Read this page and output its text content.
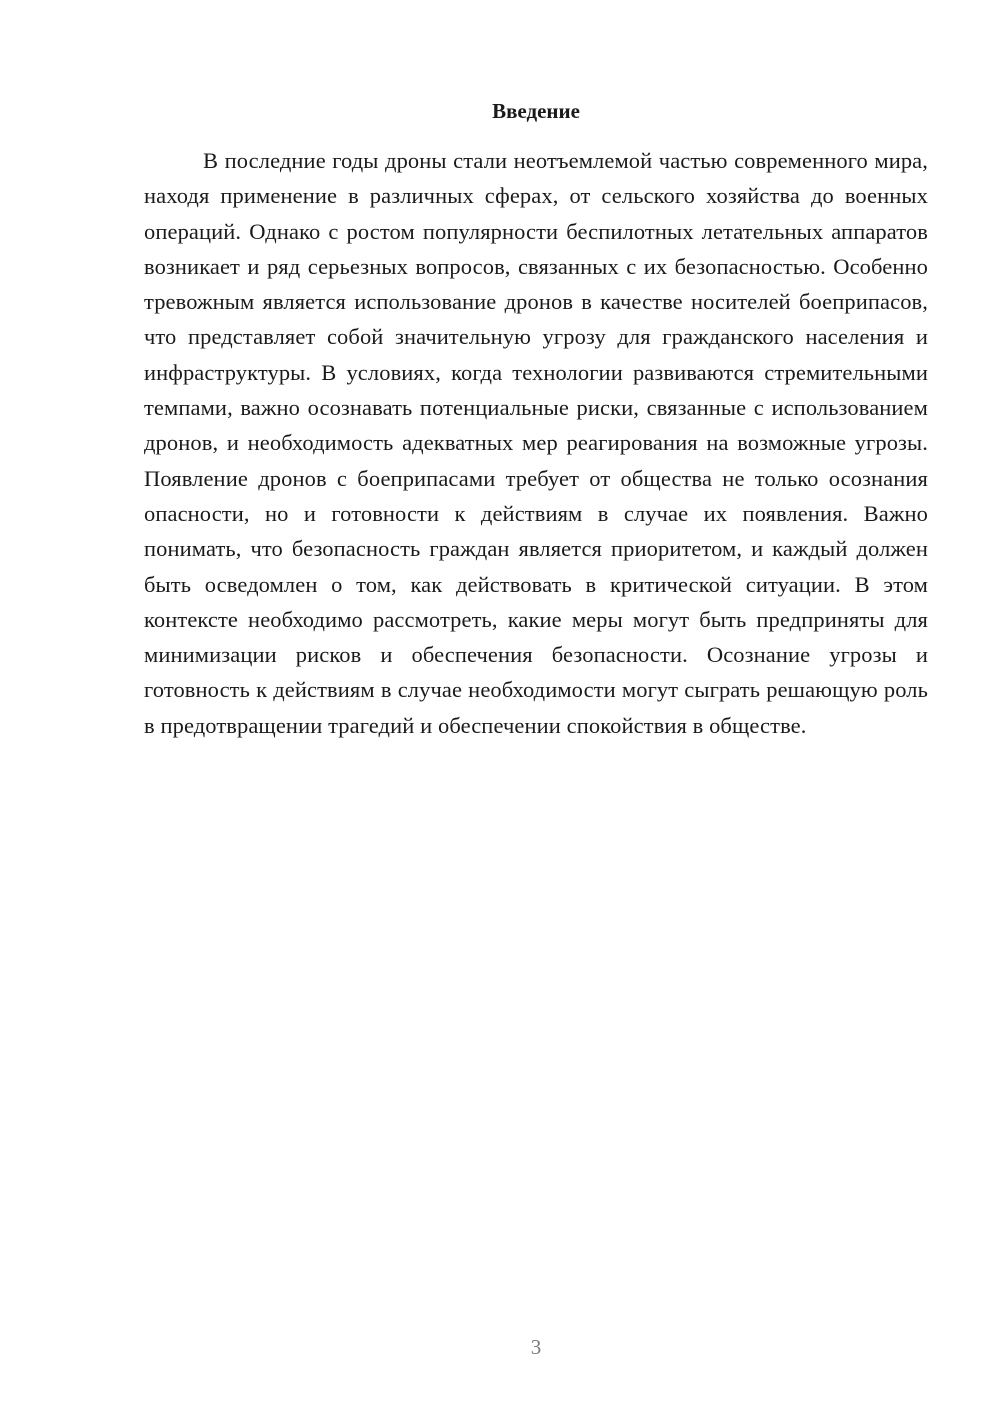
Введение

В последние годы дроны стали неотъемлемой частью современного мира, находя применение в различных сферах, от сельского хозяйства до военных операций. Однако с ростом популярности беспилотных летательных аппаратов возникает и ряд серьезных вопросов, связанных с их безопасностью. Особенно тревожным является использование дронов в качестве носителей боеприпасов, что представляет собой значительную угрозу для гражданского населения и инфраструктуры. В условиях, когда технологии развиваются стремительными темпами, важно осознавать потенциальные риски, связанные с использованием дронов, и необходимость адекватных мер реагирования на возможные угрозы. Появление дронов с боеприпасами требует от общества не только осознания опасности, но и готовности к действиям в случае их появления. Важно понимать, что безопасность граждан является приоритетом, и каждый должен быть осведомлен о том, как действовать в критической ситуации. В этом контексте необходимо рассмотреть, какие меры могут быть предприняты для минимизации рисков и обеспечения безопасности. Осознание угрозы и готовность к действиям в случае необходимости могут сыграть решающую роль в предотвращении трагедий и обеспечении спокойствия в обществе.

3
